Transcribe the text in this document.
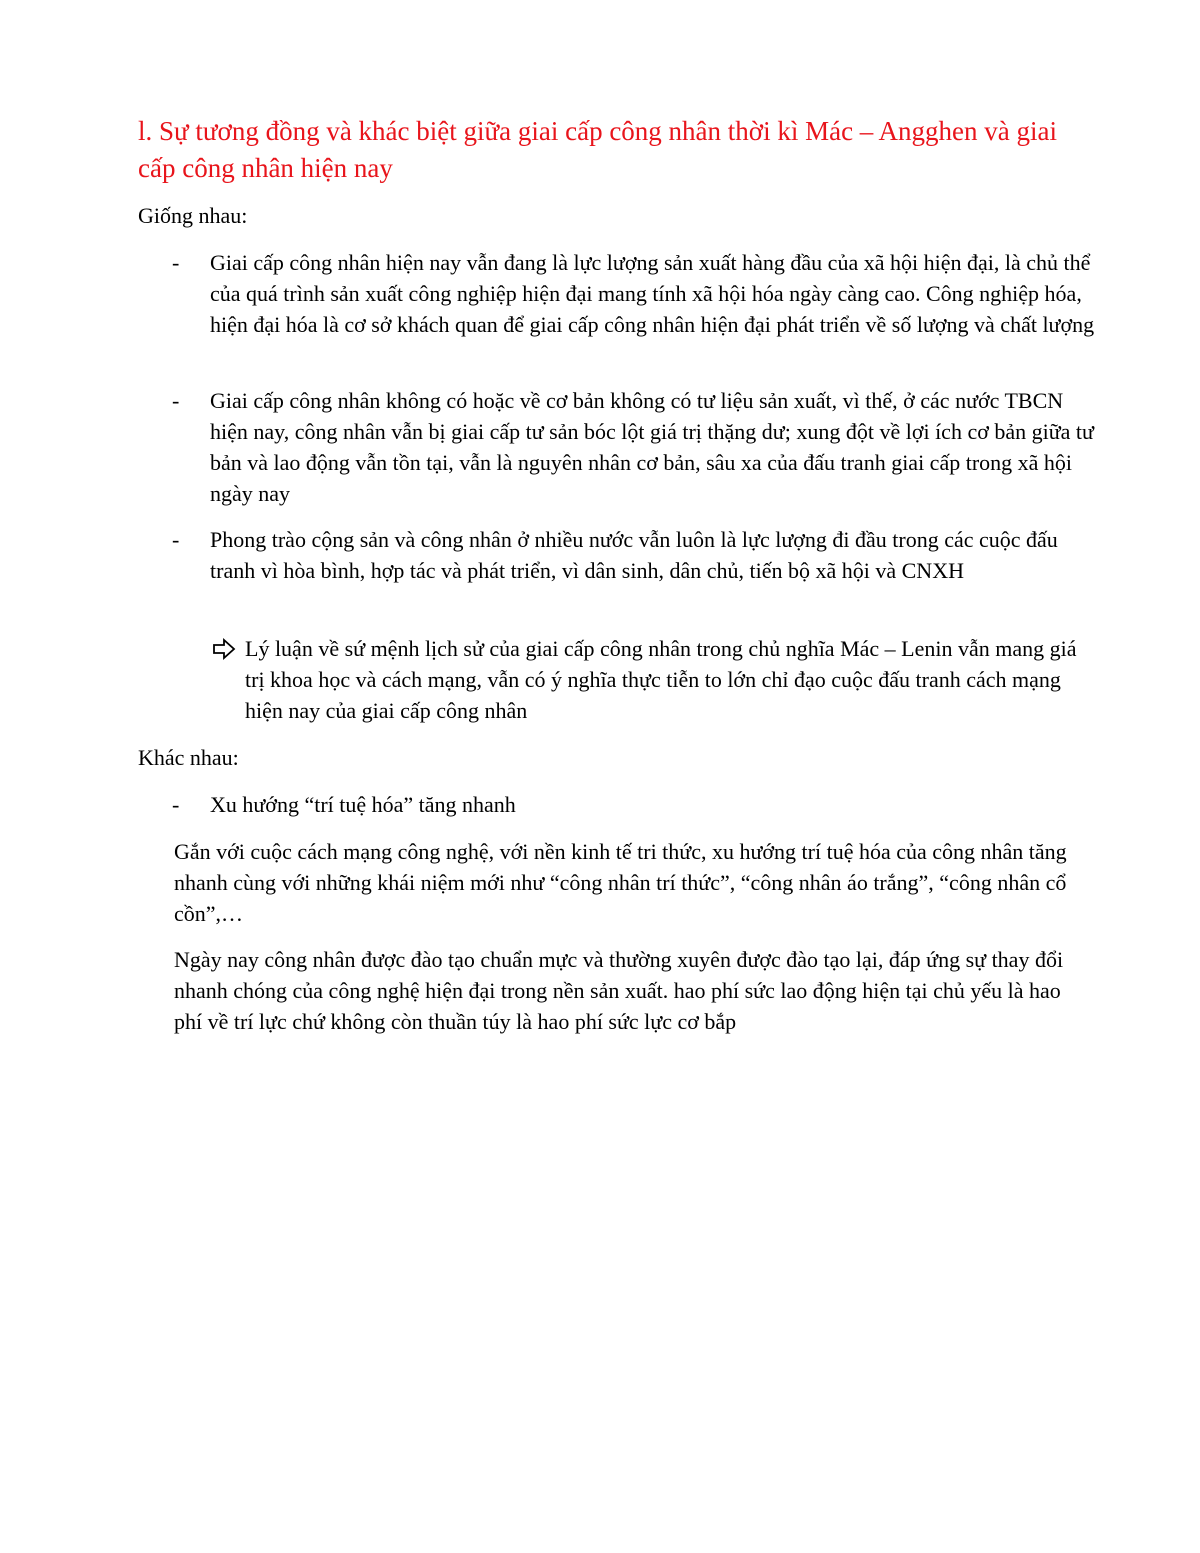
l. Sự tương đồng và khác biệt giữa giai cấp công nhân thời kì Mác – Angghen và giai cấp công nhân hiện nay

Giống nhau:

-	Giai cấp công nhân hiện nay vẫn đang là lực lượng sản xuất hàng đầu của xã hội hiện đại, là chủ thể của quá trình sản xuất công nghiệp hiện đại mang tính xã hội hóa ngày càng cao. Công nghiệp hóa, hiện đại hóa là cơ sở khách quan để giai cấp công nhân hiện đại phát triển về số lượng và chất lượng
-	Giai cấp công nhân không có hoặc về cơ bản không có tư liệu sản xuất, vì thế, ở các nước TBCN hiện nay, công nhân vẫn bị giai cấp tư sản bóc lột giá trị thặng dư; xung đột về lợi ích cơ bản giữa tư bản và lao động vẫn tồn tại, vẫn là nguyên nhân cơ bản, sâu xa của đấu tranh giai cấp trong xã hội ngày nay
-	Phong trào cộng sản và công nhân ở nhiều nước vẫn luôn là lực lượng đi đầu trong các cuộc đấu tranh vì hòa bình, hợp tác và phát triển, vì dân sinh, dân chủ, tiến bộ xã hội và CNXH
Lý luận về sứ mệnh lịch sử của giai cấp công nhân trong chủ nghĩa Mác – Lenin vẫn mang giá trị khoa học và cách mạng, vẫn có ý nghĩa thực tiễn to lớn chỉ đạo cuộc đấu tranh cách mạng hiện nay của giai cấp công nhân

Khác nhau:

-	Xu hướng “trí tuệ hóa” tăng nhanh

Gắn với cuộc cách mạng công nghệ, với nền kinh tế tri thức, xu hướng trí tuệ hóa của công nhân tăng nhanh cùng với những khái niệm mới như “công nhân trí thức”, “công nhân áo trắng”, “công nhân cổ cồn”,…

Ngày nay công nhân được đào tạo chuẩn mực và thường xuyên được đào tạo lại, đáp ứng sự thay đổi nhanh chóng của công nghệ hiện đại trong nền sản xuất. hao phí sức lao động hiện tại chủ yếu là hao phí về trí lực chứ không còn thuần túy là hao phí sức lực cơ bắp
